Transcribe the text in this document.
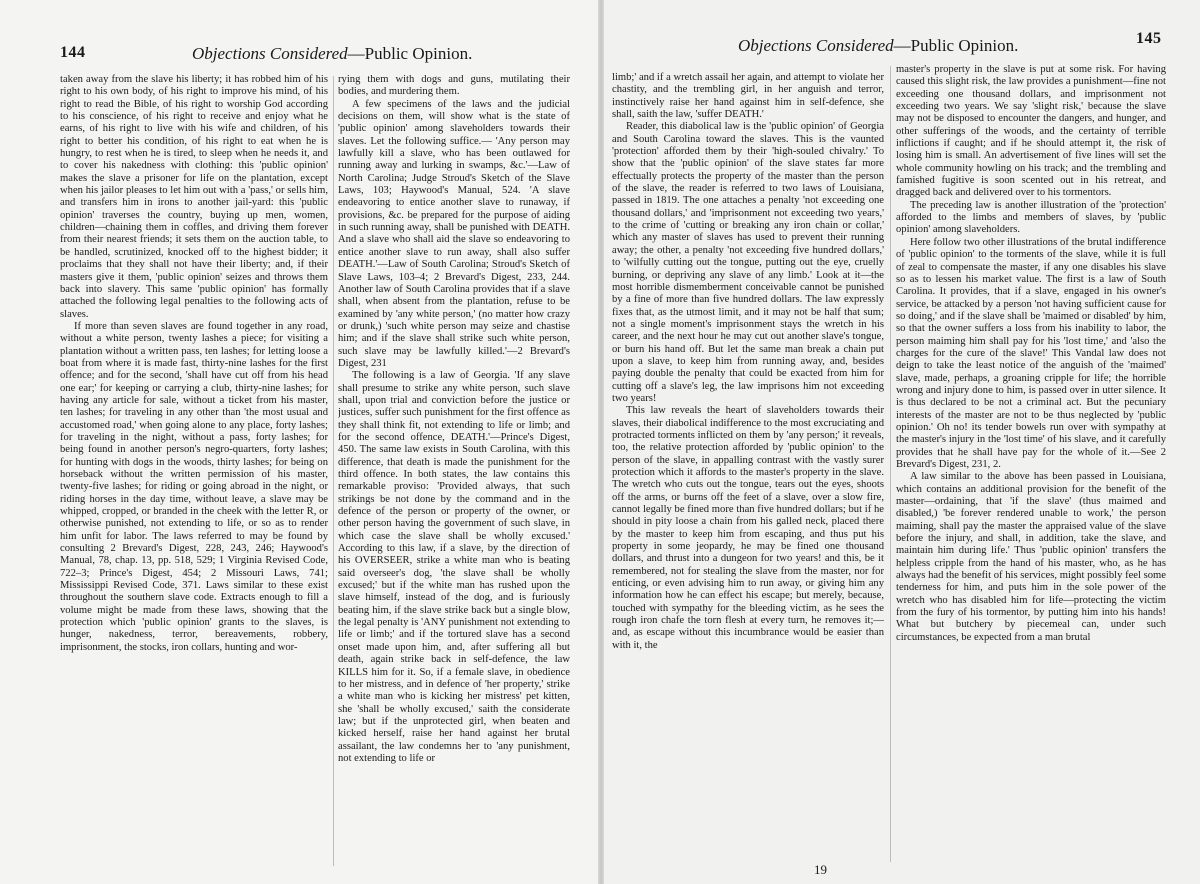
144	Objections Considered—Public Opinion.

taken away from the slave his liberty; it has robbed him of his right to his own body, of his right to improve his mind, of his right to read the Bible, of his right to worship God according to his conscience, of his right to receive and enjoy what he earns, of his right to live with his wife and children, of his right to better his condition, of his right to eat when he is hungry, to rest when he is tired, to sleep when he needs it, and to cover his nakedness with clothing: this 'public opinion' makes the slave a prisoner for life on the plantation, except when his jailor pleases to let him out with a 'pass,' or sells him, and transfers him in irons to another jail-yard: this 'public opinion' traverses the country, buying up men, women, children—chaining them in coffles, and driving them forever from their nearest friends; it sets them on the auction table, to be handled, scrutinized, knocked off to the highest bidder; it proclaims that they shall not have their liberty; and, if their masters give it them, 'public opinion' seizes and throws them back into slavery. This same 'public opinion' has formally attached the following legal penalties to the following acts of slaves.

If more than seven slaves are found together in any road, without a white person, twenty lashes a piece; for visiting a plantation without a written pass, ten lashes; for letting loose a boat from where it is made fast, thirty-nine lashes for the first offence; and for the second, 'shall have cut off from his head one ear;' for keeping or carrying a club, thirty-nine lashes; for having any article for sale, without a ticket from his master, ten lashes; for traveling in any other than 'the most usual and accustomed road,' when going alone to any place, forty lashes; for traveling in the night, without a pass, forty lashes; for being found in another person's negro-quarters, forty lashes; for hunting with dogs in the woods, thirty lashes; for being on horseback without the written permission of his master, twenty-five lashes; for riding or going abroad in the night, or riding horses in the day time, without leave, a slave may be whipped, cropped, or branded in the cheek with the letter R, or otherwise punished, not extending to life, or so as to render him unfit for labor. The laws referred to may be found by consulting 2 Brevard's Digest, 228, 243, 246; Haywood's Manual, 78, chap. 13, pp. 518, 529; 1 Virginia Revised Code, 722–3; Prince's Digest, 454; 2 Missouri Laws, 741; Mississippi Revised Code, 371. Laws similar to these exist throughout the southern slave code. Extracts enough to fill a volume might be made from these laws, showing that the protection which 'public opinion' grants to the slaves, is hunger, nakedness, terror, bereavements, robbery, imprisonment, the stocks, iron collars, hunting and wor-

rying them with dogs and guns, mutilating their bodies, and murdering them.

A few specimens of the laws and the judicial decisions on them, will show what is the state of 'public opinion' among slaveholders towards their slaves. Let the following suffice.— 'Any person may lawfully kill a slave, who has been outlawed for running away and lurking in swamps, &c.'—Law of North Carolina; Judge Stroud's Sketch of the Slave Laws, 103; Haywood's Manual, 524. 'A slave endeavoring to entice another slave to runaway, if provisions, &c. be prepared for the purpose of aiding in such running away, shall be punished with DEATH. And a slave who shall aid the slave so endeavoring to entice another slave to run away, shall also suffer DEATH.'—Law of South Carolina; Stroud's Sketch of Slave Laws, 103–4; 2 Brevard's Digest, 233, 244. Another law of South Carolina provides that if a slave shall, when absent from the plantation, refuse to be examined by 'any white person,' (no matter how crazy or drunk,) 'such white person may seize and chastise him; and if the slave shall strike such white person, such slave may be lawfully killed.'—2 Brevard's Digest, 231

The following is a law of Georgia. 'If any slave shall presume to strike any white person, such slave shall, upon trial and conviction before the justice or justices, suffer such punishment for the first offence as they shall think fit, not extending to life or limb; and for the second offence, DEATH.'—Prince's Digest, 450. The same law exists in South Carolina, with this difference, that death is made the punishment for the third offence. In both states, the law contains this remarkable proviso: 'Provided always, that such strikings be not done by the command and in the defence of the person or property of the owner, or other person having the government of such slave, in which case the slave shall be wholly excused.' According to this law, if a slave, by the direction of his OVERSEER, strike a white man who is beating said overseer's dog, 'the slave shall be wholly excused;' but if the white man has rushed upon the slave himself, instead of the dog, and is furiously beating him, if the slave strike back but a single blow, the legal penalty is 'ANY punishment not extending to life or limb;' and if the tortured slave has a second onset made upon him, and, after suffering all but death, again strike back in self-defence, the law KILLS him for it. So, if a female slave, in obedience to her mistress, and in defence of 'her property,' strike a white man who is kicking her mistress' pet kitten, she 'shall be wholly excused,' saith the considerate law; but if the unprotected girl, when beaten and kicked herself, raise her hand against her brutal assailant, the law condemns her to 'any punishment, not extending to life or

Objections Considered—Public Opinion.	145

limb;' and if a wretch assail her again, and attempt to violate her chastity, and the trembling girl, in her anguish and terror, instinctively raise her hand against him in self-defence, she shall, saith the law, 'suffer DEATH.'

Reader, this diabolical law is the 'public opinion' of Georgia and South Carolina toward the slaves. This is the vaunted 'protection' afforded them by their 'high-souled chivalry.' To show that the 'public opinion' of the slave states far more effectually protects the property of the master than the person of the slave, the reader is referred to two laws of Louisiana, passed in 1819. The one attaches a penalty 'not exceeding one thousand dollars,' and 'imprisonment not exceeding two years,' to the crime of 'cutting or breaking any iron chain or collar,' which any master of slaves has used to prevent their running away; the other, a penalty 'not exceeding five hundred dollars,' to 'wilfully cutting out the tongue, putting out the eye, cruelly burning, or depriving any slave of any limb.' Look at it—the most horrible dismemberment conceivable cannot be punished by a fine of more than five hundred dollars. The law expressly fixes that, as the utmost limit, and it may not be half that sum; not a single moment's imprisonment stays the wretch in his career, and the next hour he may cut out another slave's tongue, or burn his hand off. But let the same man break a chain put upon a slave, to keep him from running away, and, besides paying double the penalty that could be exacted from him for cutting off a slave's leg, the law imprisons him not exceeding two years!

This law reveals the heart of slaveholders towards their slaves, their diabolical indifference to the most excruciating and protracted torments inflicted on them by 'any person;' it reveals, too, the relative protection afforded by 'public opinion' to the person of the slave, in appalling contrast with the vastly surer protection which it affords to the master's property in the slave. The wretch who cuts out the tongue, tears out the eyes, shoots off the arms, or burns off the feet of a slave, over a slow fire, cannot legally be fined more than five hundred dollars; but if he should in pity loose a chain from his galled neck, placed there by the master to keep him from escaping, and thus put his property in some jeopardy, he may be fined one thousand dollars, and thrust into a dungeon for two years! and this, be it remembered, not for stealing the slave from the master, nor for enticing, or even advising him to run away, or giving him any information how he can effect his escape; but merely, because, touched with sympathy for the bleeding victim, as he sees the rough iron chafe the torn flesh at every turn, he removes it;—and, as escape without this incumbrance would be easier than with it, the

master's property in the slave is put at some risk. For having caused this slight risk, the law provides a punishment—fine not exceeding one thousand dollars, and imprisonment not exceeding two years. We say 'slight risk,' because the slave may not be disposed to encounter the dangers, and hunger, and other sufferings of the woods, and the certainty of terrible inflictions if caught; and if he should attempt it, the risk of losing him is small. An advertisement of five lines will set the whole community howling on his track; and the trembling and famished fugitive is soon scented out in his retreat, and dragged back and delivered over to his tormentors.

The preceding law is another illustration of the 'protection' afforded to the limbs and members of slaves, by 'public opinion' among slaveholders.

Here follow two other illustrations of the brutal indifference of 'public opinion' to the torments of the slave, while it is full of zeal to compensate the master, if any one disables his slave so as to lessen his market value. The first is a law of South Carolina. It provides, that if a slave, engaged in his owner's service, be attacked by a person 'not having sufficient cause for so doing,' and if the slave shall be 'maimed or disabled' by him, so that the owner suffers a loss from his inability to labor, the person maiming him shall pay for his 'lost time,' and 'also the charges for the cure of the slave!' This Vandal law does not deign to take the least notice of the anguish of the 'maimed' slave, made, perhaps, a groaning cripple for life; the horrible wrong and injury done to him, is passed over in utter silence. It is thus declared to be not a criminal act. But the pecuniary interests of the master are not to be thus neglected by 'public opinion.' Oh no! its tender bowels run over with sympathy at the master's injury in the 'lost time' of his slave, and it carefully provides that he shall have pay for the whole of it.—See 2 Brevard's Digest, 231, 2.

A law similar to the above has been passed in Louisiana, which contains an additional provision for the benefit of the master—ordaining, that 'if the slave' (thus maimed and disabled,) 'be forever rendered unable to work,' the person maiming, shall pay the master the appraised value of the slave before the injury, and shall, in addition, take the slave, and maintain him during life.' Thus 'public opinion' transfers the helpless cripple from the hand of his master, who, as he has always had the benefit of his services, might possibly feel some tenderness for him, and puts him in the sole power of the wretch who has disabled him for life—protecting the victim from the fury of his tormentor, by putting him into his hands! What but butchery by piecemeal can, under such circumstances, be expected from a man brutal

19
